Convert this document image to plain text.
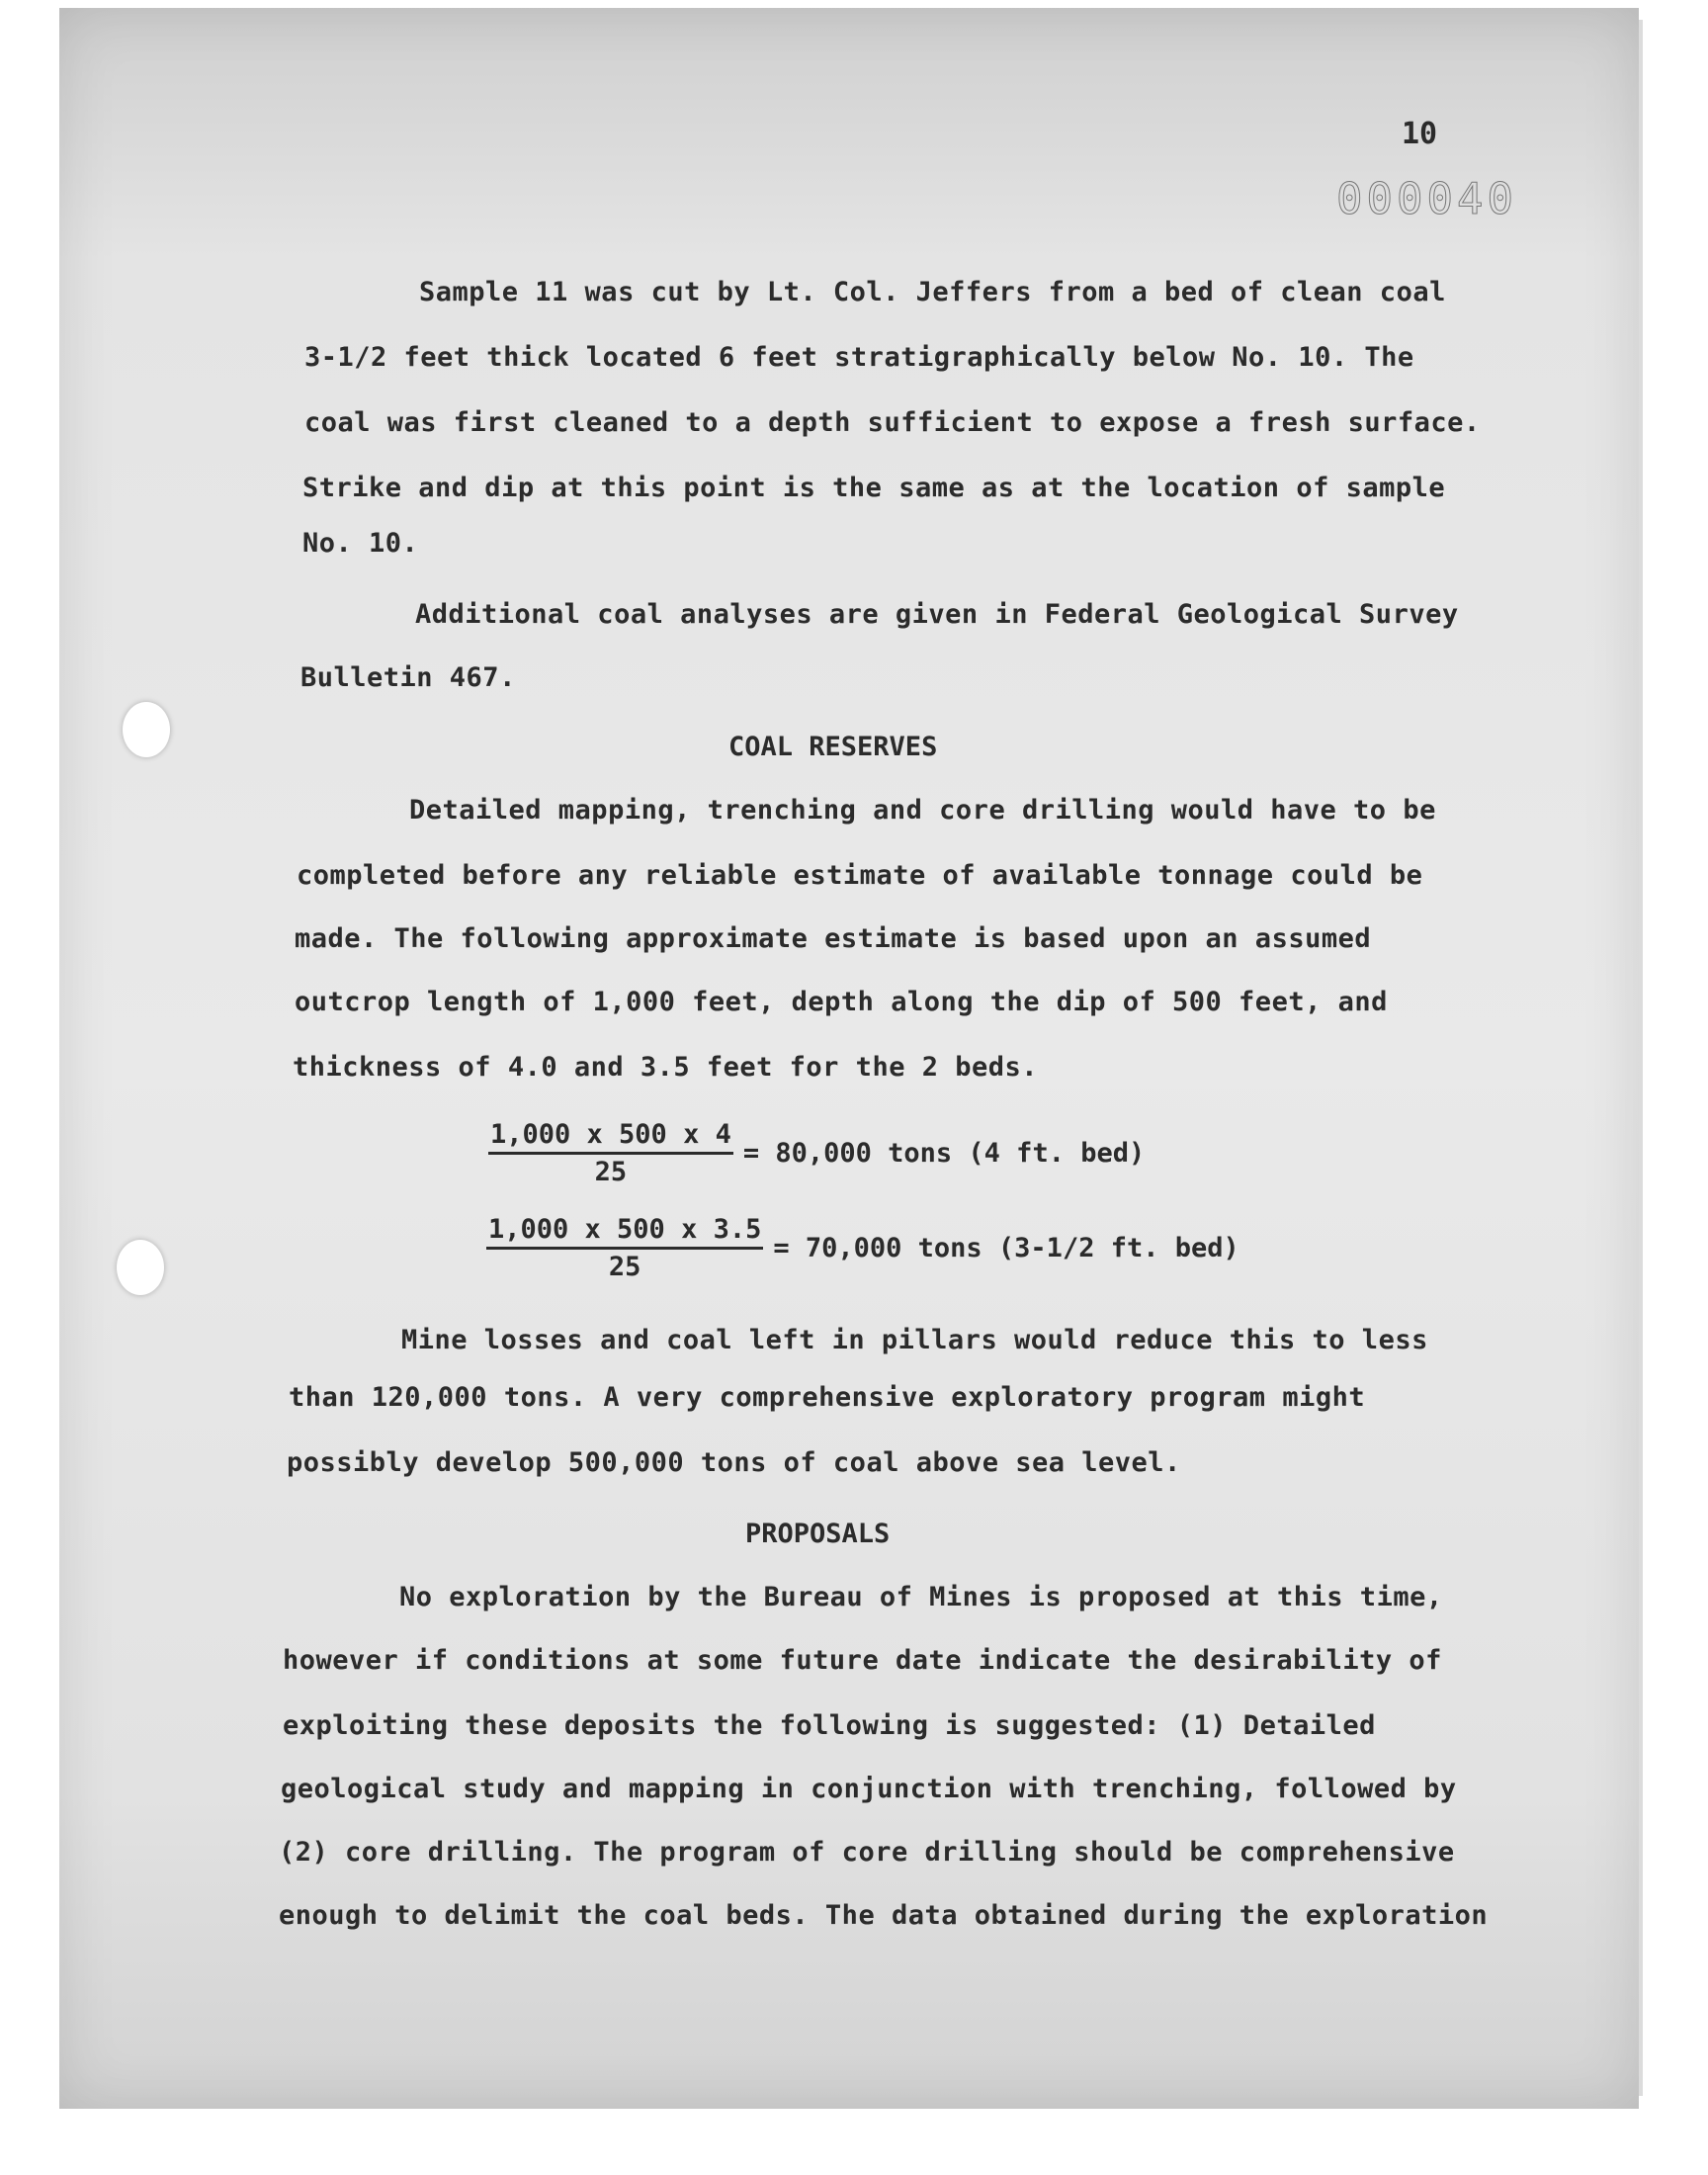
10
000040

Sample 11 was cut by Lt. Col. Jeffers from a bed of clean coal

3-1/2 feet thick located 6 feet stratigraphically below No. 10. The

coal was first cleaned to a depth sufficient to expose a fresh surface.

Strike and dip at this point is the same as at the location of sample

No. 10.

Additional coal analyses are given in Federal Geological Survey

Bulletin 467.

COAL RESERVES

Detailed mapping, trenching and core drilling would have to be

completed before any reliable estimate of available tonnage could be

made. The following approximate estimate is based upon an assumed

outcrop length of 1,000 feet, depth along the dip of 500 feet, and

thickness of 4.0 and 3.5 feet for the 2 beds.

$\frac{1,000 x 500 x 4}{25} = 80,000$ tons (4 ft. bed)
$\frac{1,000 x 500 x 3.5}{25} = 70,000$ tons (3-1/2 ft. bed)

Mine losses and coal left in pillars would reduce this to less

than 120,000 tons. A very comprehensive exploratory program might

possibly develop 500,000 tons of coal above sea level.

PROPOSALS

No exploration by the Bureau of Mines is proposed at this time,

however if conditions at some future date indicate the desirability of

exploiting these deposits the following is suggested: (1) Detailed

geological study and mapping in conjunction with trenching, followed by

(2) core drilling. The program of core drilling should be comprehensive

enough to delimit the coal beds. The data obtained during the exploration
